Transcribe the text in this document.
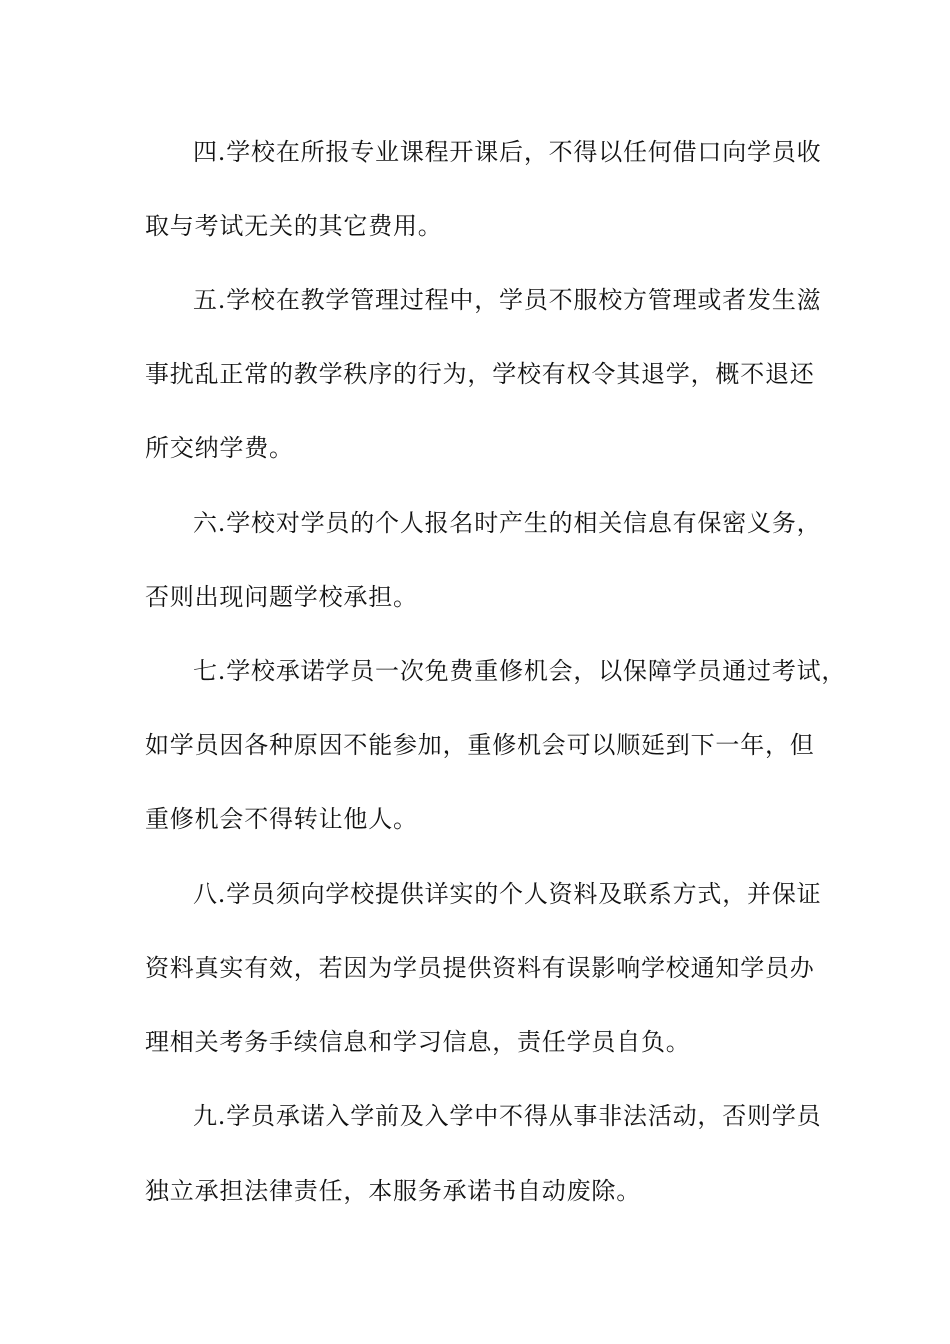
四.学校在所报专业课程开课后，不得以任何借口向学员收
取与考试无关的其它费用。
五.学校在教学管理过程中，学员不服校方管理或者发生滋
事扰乱正常的教学秩序的行为，学校有权令其退学，概不退还
所交纳学费。
六.学校对学员的个人报名时产生的相关信息有保密义务，
否则出现问题学校承担。
七.学校承诺学员一次免费重修机会，以保障学员通过考试，
如学员因各种原因不能参加，重修机会可以顺延到下一年，但
重修机会不得转让他人。
八.学员须向学校提供详实的个人资料及联系方式，并保证
资料真实有效，若因为学员提供资料有误影响学校通知学员办
理相关考务手续信息和学习信息，责任学员自负。
九.学员承诺入学前及入学中不得从事非法活动，否则学员
独立承担法律责任，本服务承诺书自动废除。
